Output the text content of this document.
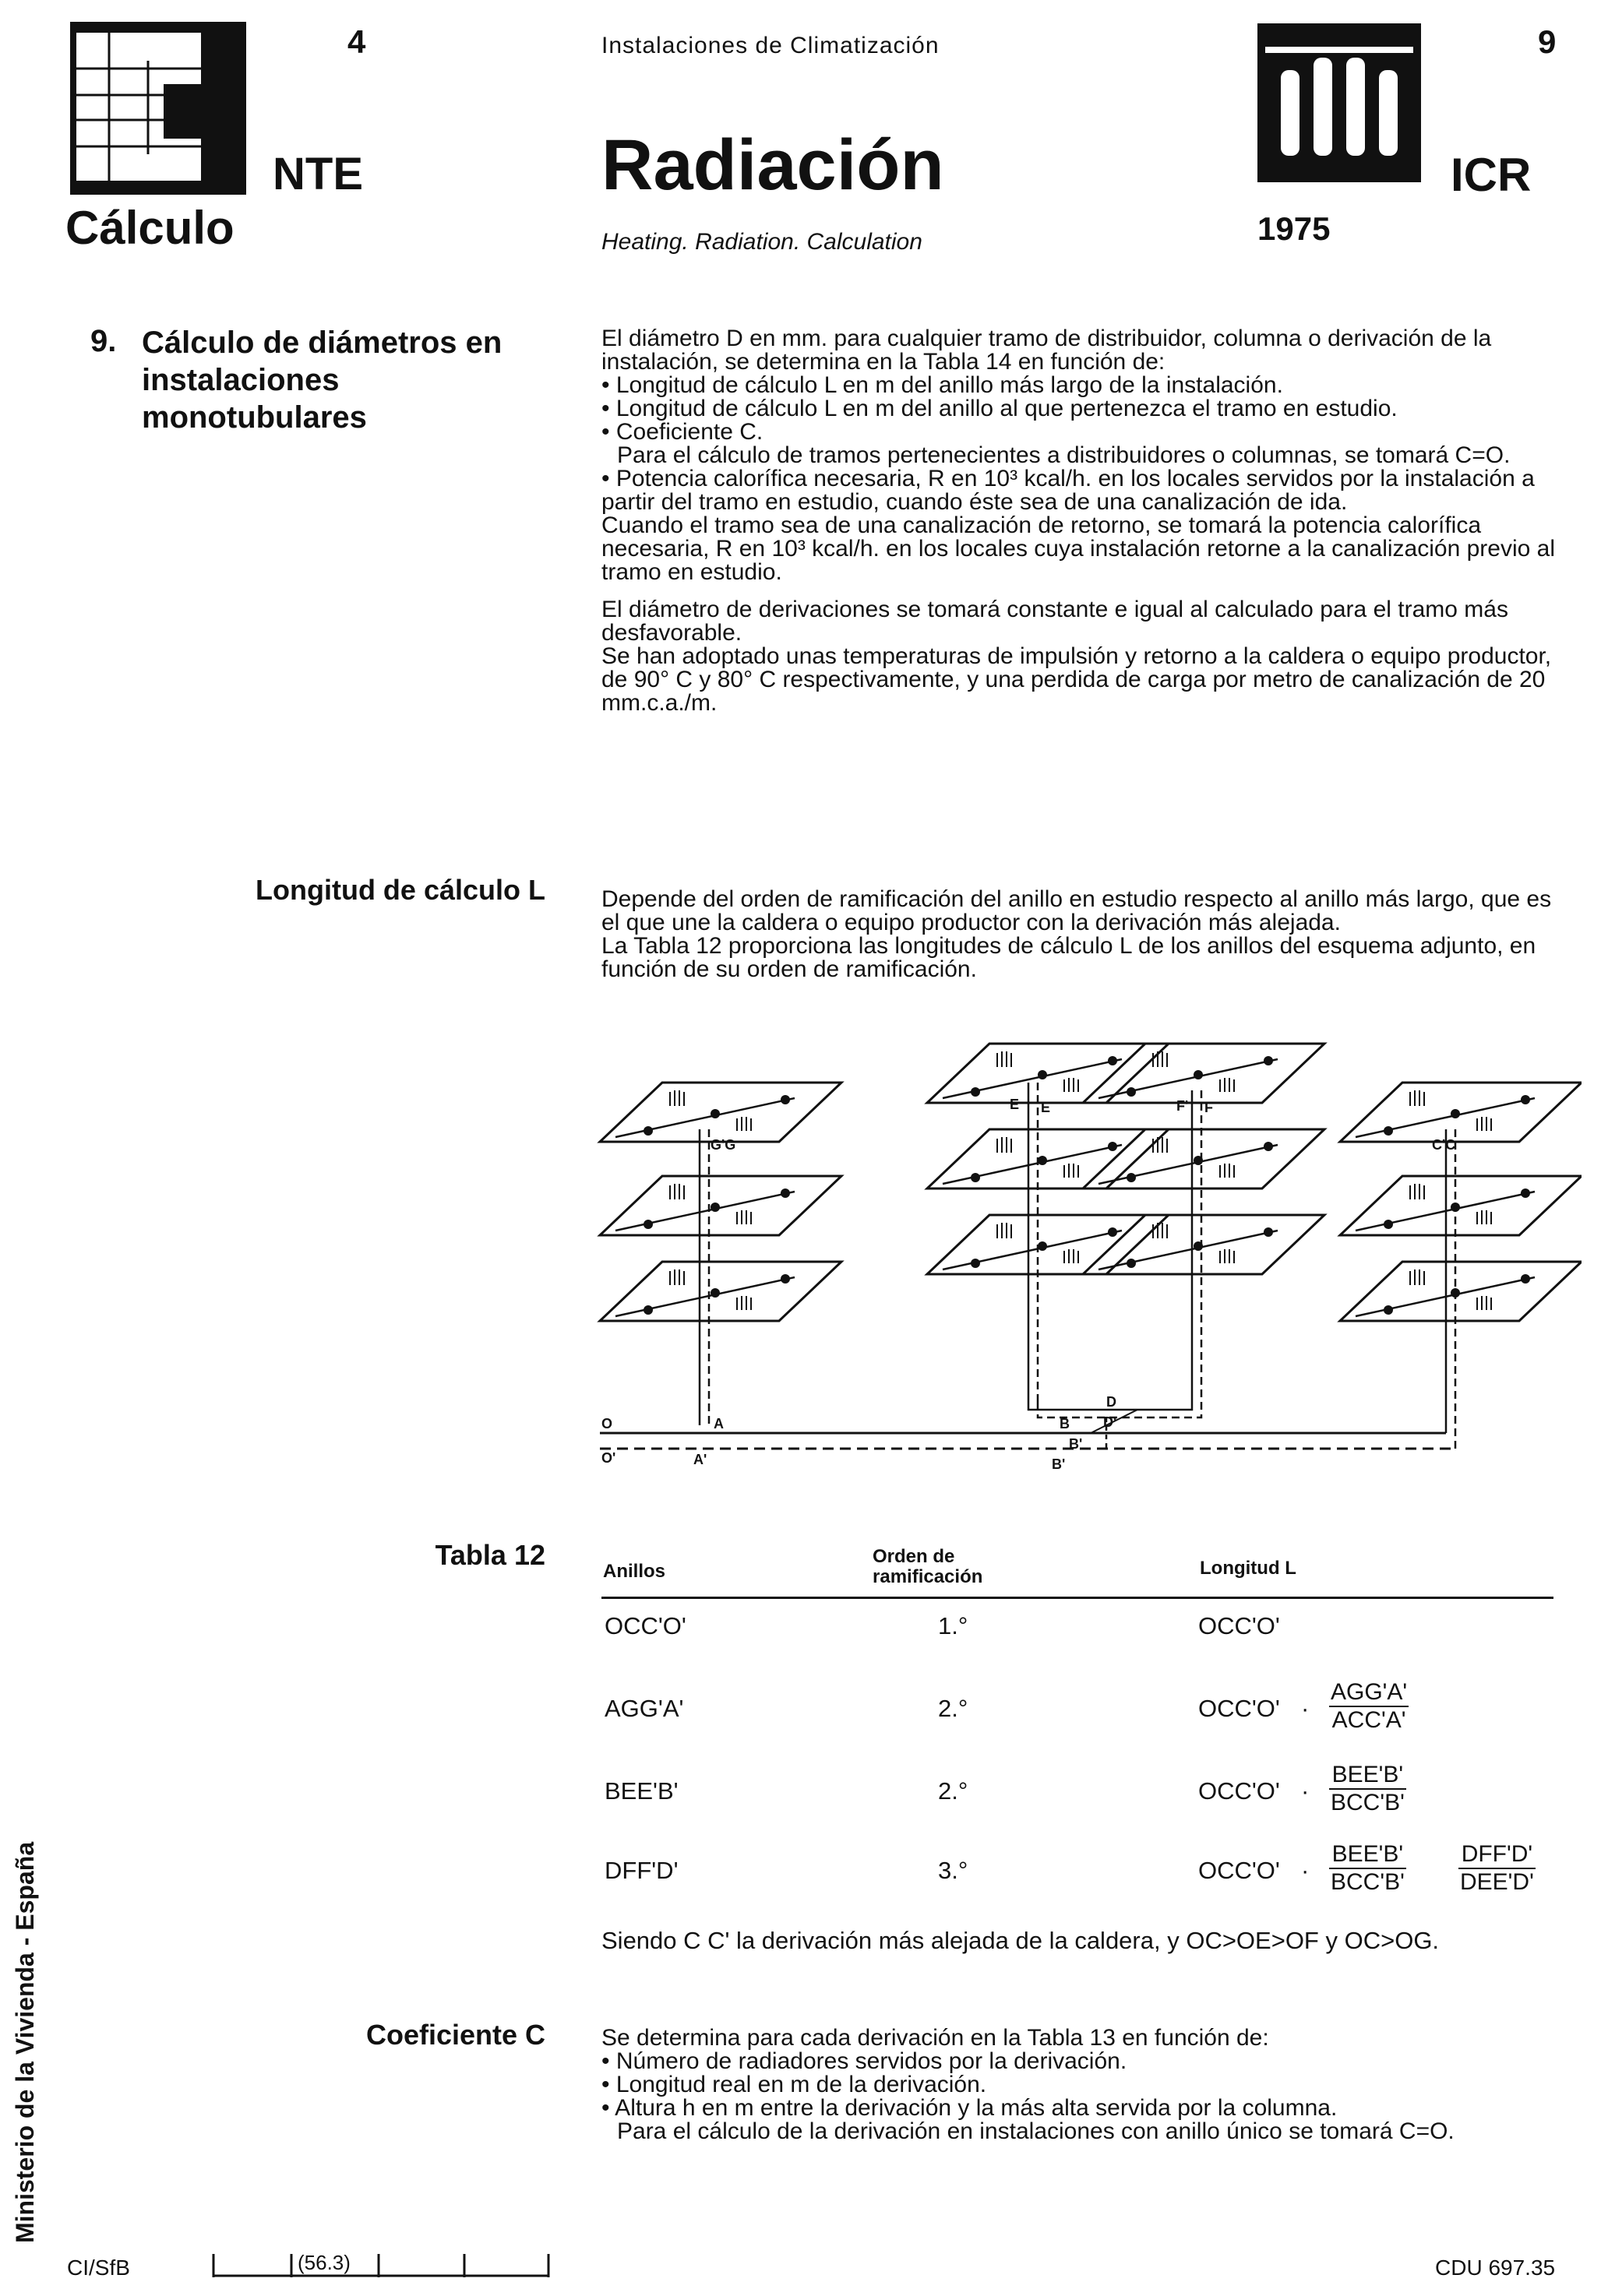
4
NTE
Cálculo
Instalaciones de Climatización
Radiación
Heating. Radiation. Calculation
9
ICR
1975
9. Cálculo de diámetros en instalaciones monotubulares

El diámetro D en mm. para cualquier tramo de distribuidor, columna o derivación de la instalación, se determina en la Tabla 14 en función de:

• Longitud de cálculo L en m del anillo más largo de la instalación.

• Longitud de cálculo L en m del anillo al que pertenezca el tramo en estudio.

• Coeficiente C.

Para el cálculo de tramos pertenecientes a distribuidores o columnas, se tomará C=O.

• Potencia calorífica necesaria, R en 10³ kcal/h. en los locales servidos por la instalación a partir del tramo en estudio, cuando éste sea de una canalización de ida.

Cuando el tramo sea de una canalización de retorno, se tomará la potencia calorífica necesaria, R en 10³ kcal/h. en los locales cuya instalación retorne a la canalización previo al tramo en estudio.

El diámetro de derivaciones se tomará constante e igual al calculado para el tramo más desfavorable.

Se han adoptado unas temperaturas de impulsión y retorno a la caldera o equipo productor, de 90° C y 80° C respectivamente, y una perdida de carga por metro de canalización de 20 mm.c.a./m.

Longitud de cálculo L Depende del orden de ramificación del anillo en estudio respecto al anillo más largo, que es el que une la caldera o equipo productor con la derivación más alejada.

La Tabla 12 proporciona las longitudes de cálculo L de los anillos del esquema adjunto, en función de su orden de ramificación.

G'G
E E	F' F
C'C
O
O'
A
A'
B
B'
D
D'
B'
Tabla 12
Anillos
Orden de ramificación	Longitud L
OCC'O'	1.°	OCC'O'
AGG'A'	2.°	OCC'O' ·
AGG'A'
ACC'A'
BEE'B'	2.°	OCC'O' ·
BEE'B'
BCC'B'
DFF'D'	3.°	OCC'O' ·
BEE'B'
BCC'B'
DFF'D'
DEE'D'
Siendo C C' la derivación más alejada de la caldera, y OC>OE>OF y OC>OG.
Coeficiente C Se determina para cada derivación en la Tabla 13 en función de:

• Número de radiadores servidos por la derivación.

• Longitud real en m de la derivación.

• Altura h en m entre la derivación y la más alta servida por la columna.

Para el cálculo de la derivación en instalaciones con anillo único se tomará C=O.

Ministerio de la Vivienda - España
CI/SfB	(56.3)	CDU 697.35
